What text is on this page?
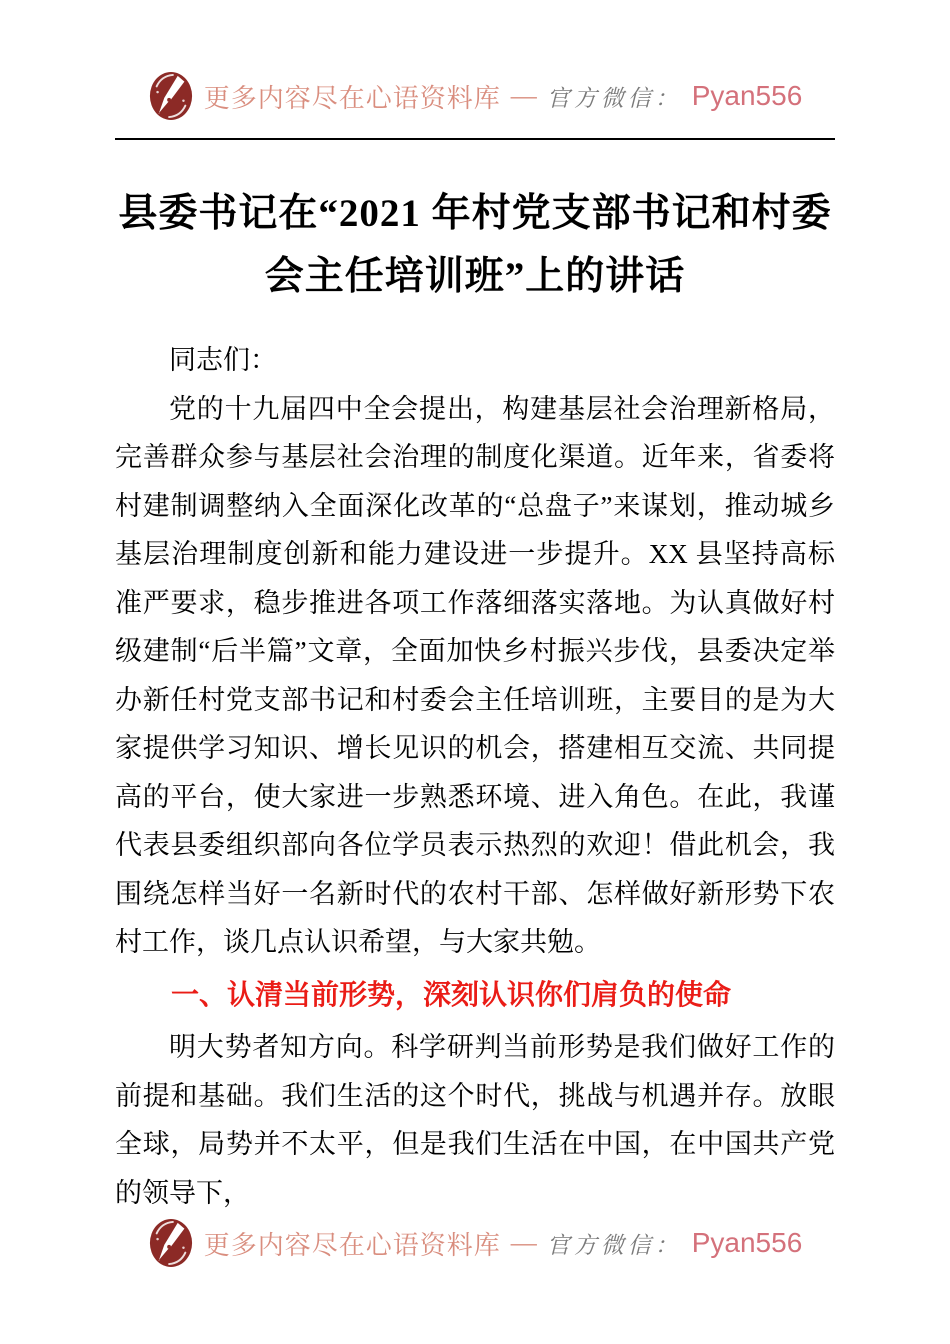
更多内容尽在心语资料库 — 官方微信： Pyan556
县委书记在“2021 年村党支部书记和村委会主任培训班”上的讲话

同志们：

党的十九届四中全会提出，构建基层社会治理新格局，完善群众参与基层社会治理的制度化渠道。近年来，省委将村建制调整纳入全面深化改革的“总盘子”来谋划，推动城乡基层治理制度创新和能力建设进一步提升。XX 县坚持高标准严要求，稳步推进各项工作落细落实落地。为认真做好村级建制“后半篇”文章，全面加快乡村振兴步伐，县委决定举办新任村党支部书记和村委会主任培训班，主要目的是为大家提供学习知识、增长见识的机会，搭建相互交流、共同提高的平台，使大家进一步熟悉环境、进入角色。在此，我谨代表县委组织部向各位学员表示热烈的欢迎！借此机会，我围绕怎样当好一名新时代的农村干部、怎样做好新形势下农村工作，谈几点认识希望，与大家共勉。

一、认清当前形势，深刻认识你们肩负的使命

明大势者知方向。科学研判当前形势是我们做好工作的前提和基础。我们生活的这个时代，挑战与机遇并存。放眼全球，局势并不太平，但是我们生活在中国，在中国共产党的领导下，

更多内容尽在心语资料库 — 官方微信： Pyan556
